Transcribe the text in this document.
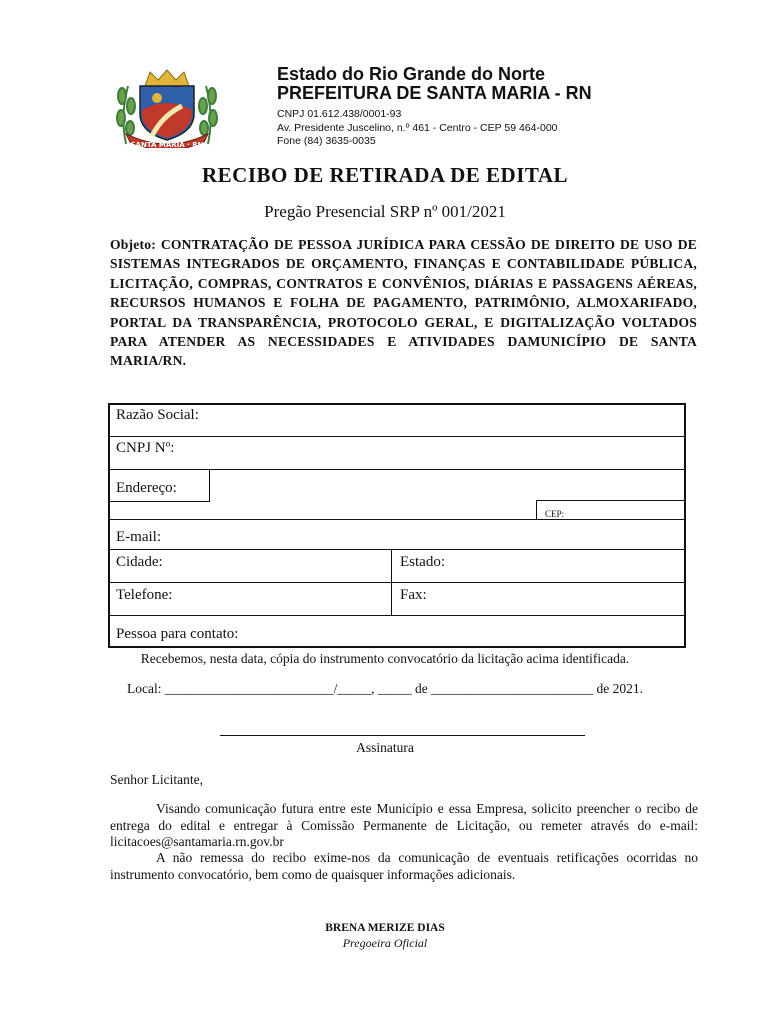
SANTA MARIA · RN
Estado do Rio Grande do Norte
PREFEITURA DE SANTA MARIA - RN
CNPJ 01.612.438/0001-93
Av. Presidente Juscelino, n.º 461 - Centro - CEP 59 464-000
Fone (84) 3635-0035
RECIBO DE RETIRADA DE EDITAL
Pregão Presencial SRP nº 001/2021
Objeto: CONTRATAÇÃO DE PESSOA JURÍDICA PARA CESSÃO DE DIREITO DE USO DE SISTEMAS INTEGRADOS DE ORÇAMENTO, FINANÇAS E CONTABILIDADE PÚBLICA, LICITAÇÃO, COMPRAS, CONTRATOS E CONVÊNIOS, DIÁRIAS E PASSAGENS AÉREAS, RECURSOS HUMANOS E FOLHA DE PAGAMENTO, PATRIMÔNIO, ALMOXARIFADO, PORTAL DA TRANSPARÊNCIA, PROTOCOLO GERAL, E DIGITALIZAÇÃO VOLTADOS PARA ATENDER AS NECESSIDADES E ATIVIDADES DAMUNICÍPIO DE SANTA MARIA/RN.
Razão Social:
CNPJ Nº:
Endereço:
CEP:
E-mail:
Cidade:	Estado:
Telefone:	Fax:
Pessoa para contato:
Recebemos, nesta data, cópia do instrumento convocatório da licitação acima identificada.
Local: _________________________/_____, _____ de ________________________ de 2021.
Assinatura
Senhor Licitante,
Visando comunicação futura entre este Município e essa Empresa, solicito preencher o recibo de entrega do edital e entregar à Comissão Permanente de Licitação, ou remeter através do e-mail: licitacoes@santamaria.rn.gov.br
A não remessa do recibo exime-nos da comunicação de eventuais retificações ocorridas no instrumento convocatório, bem como de quaisquer informações adicionais.
BRENA MERIZE DIAS
Pregoeira Oficial
